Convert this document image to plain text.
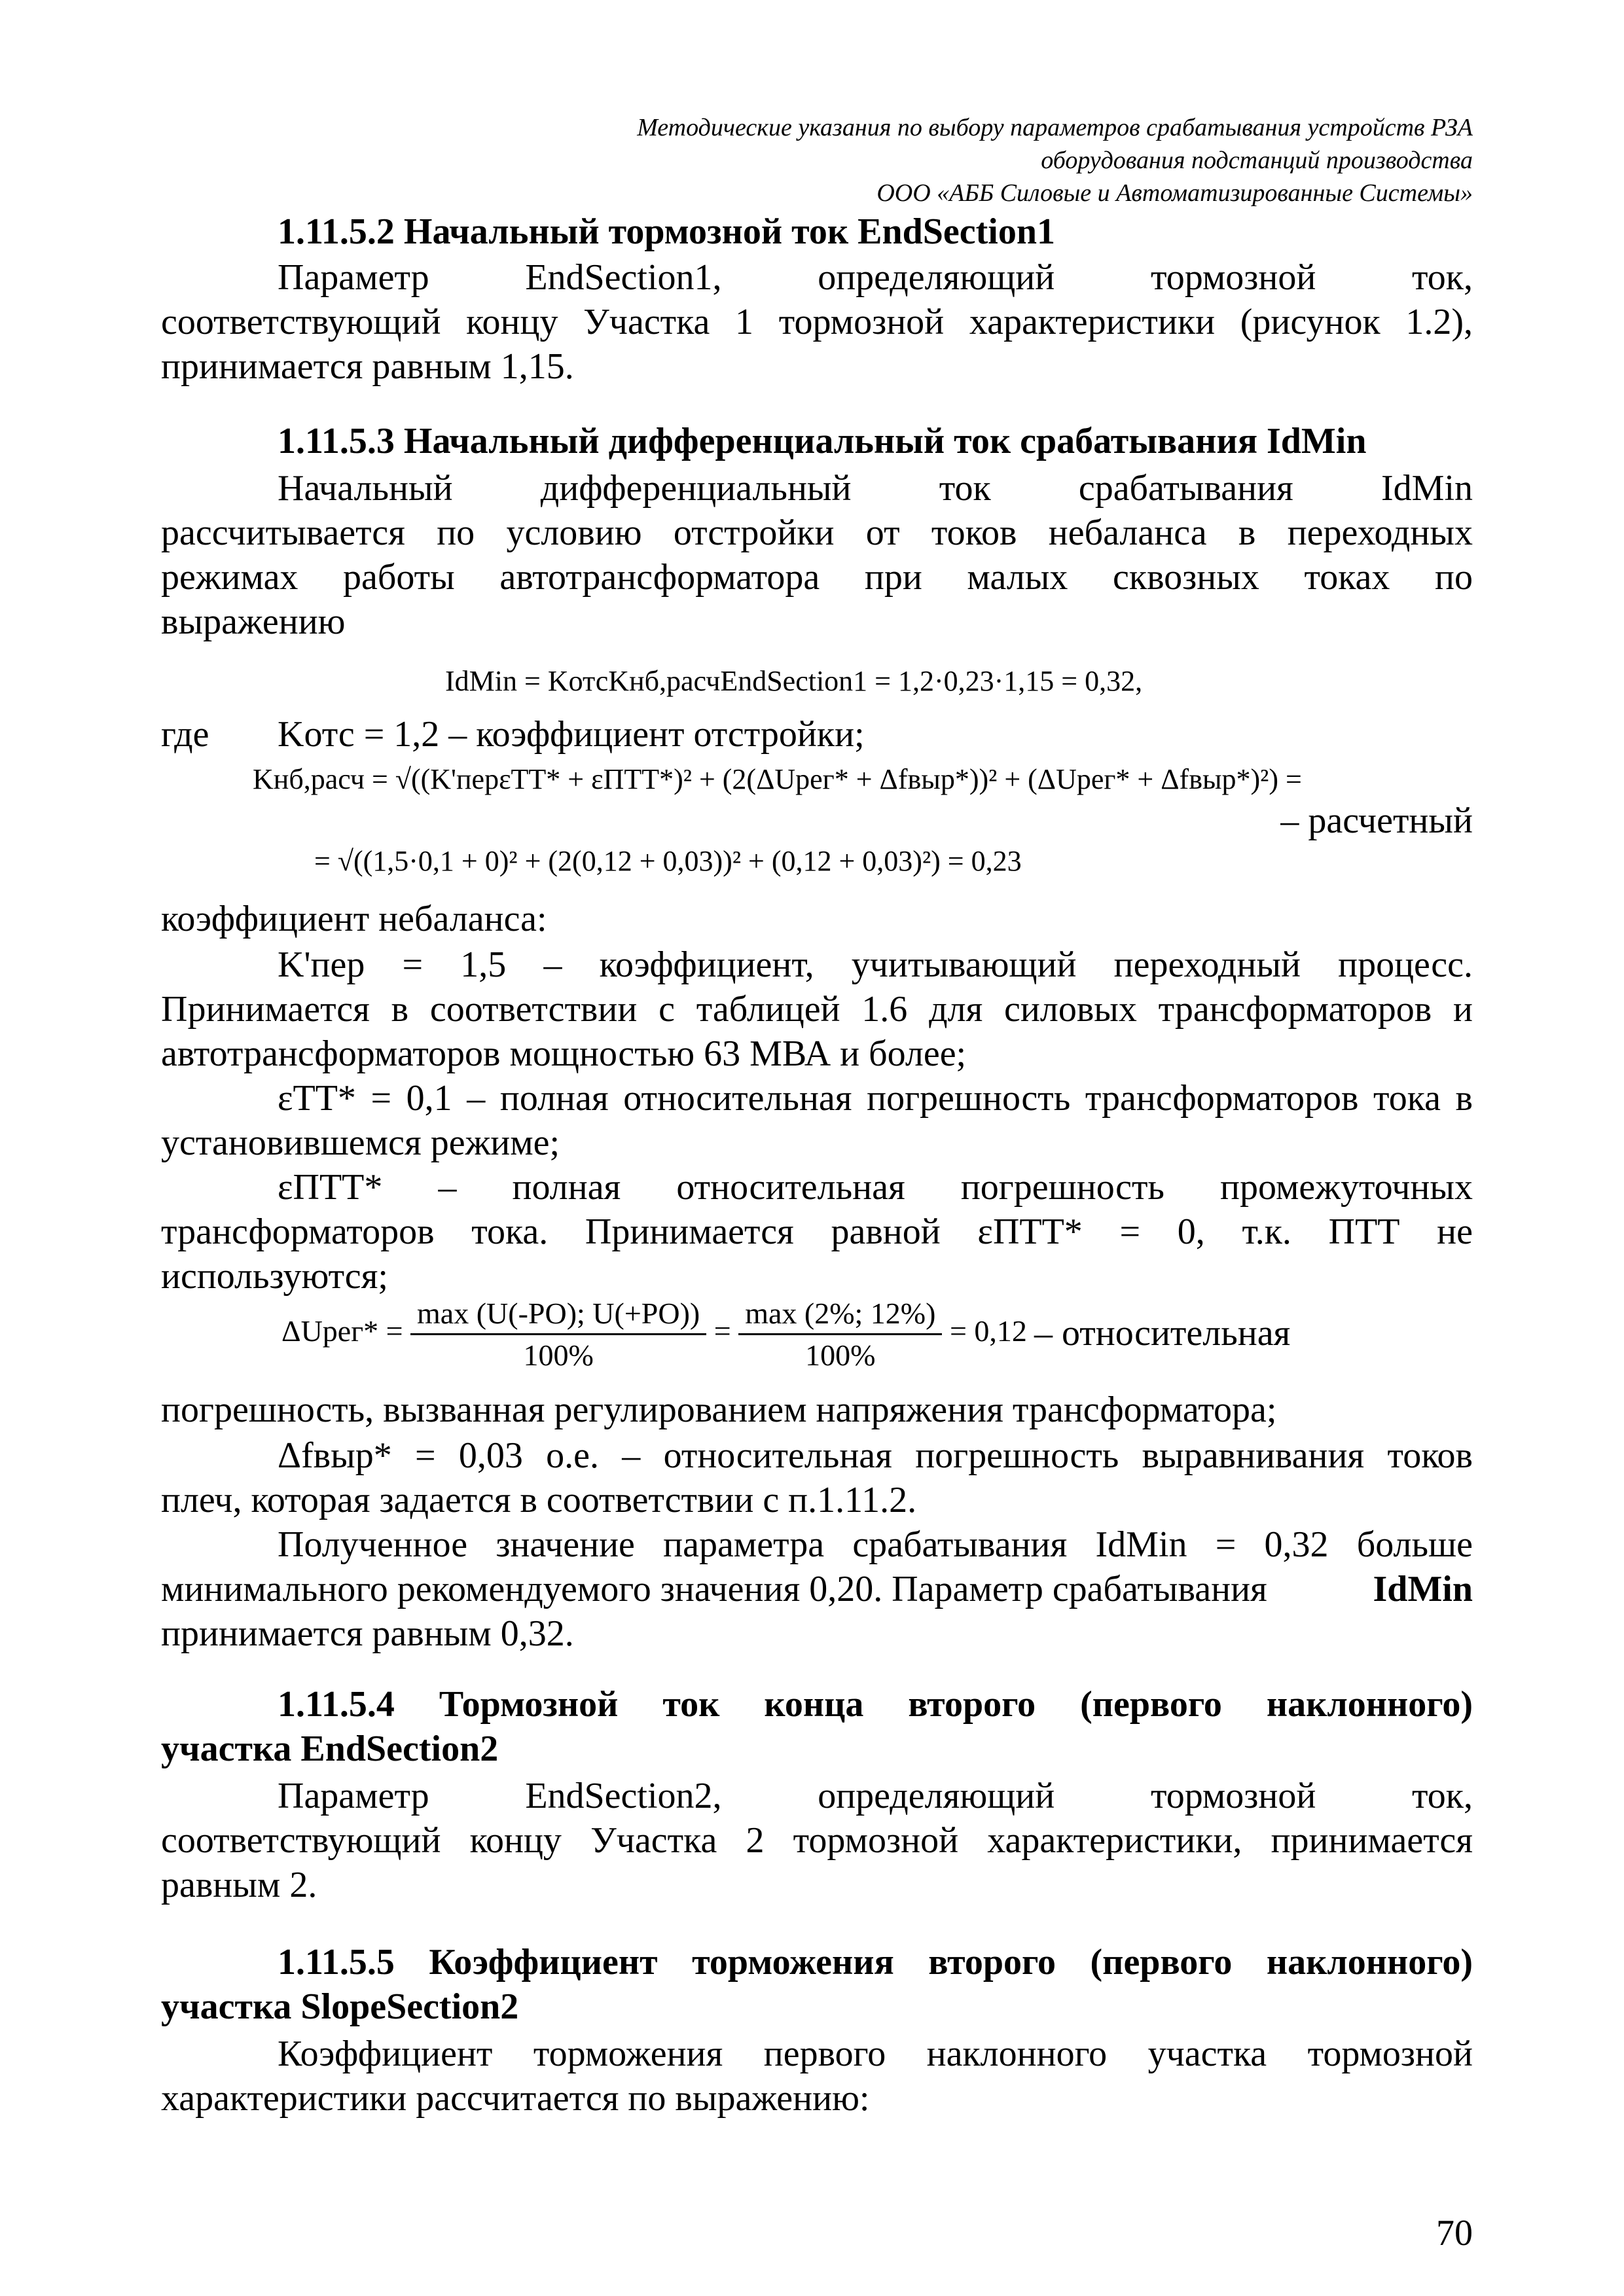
Методические указания по выбору параметров срабатывания устройств РЗА
оборудования подстанций производства
ООО «АББ Силовые и Автоматизированные Системы»
1.11.5.2 Начальный тормозной ток EndSection1
Параметр EndSection1, определяющий тормозной ток,
соответствующий концу Участка 1 тормозной характеристики (рисунок 1.2),
принимается равным 1,15.
1.11.5.3 Начальный дифференциальный ток срабатывания IdMin
Начальный дифференциальный ток срабатывания IdMin
рассчитывается по условию отстройки от токов небаланса в переходных
режимах работы автотрансформатора при малых сквозных токах по
выражению
IdMin = KотсKнб,расчEndSection1 = 1,2·0,23·1,15 = 0,32,
где	Kотс = 1,2 – коэффициент отстройки;
Kнб,расч = √((K'перεТТ* + εПТТ*)² + (2(ΔUрег* + Δfвыр*))² + (ΔUрег* + Δfвыр*)²) =
– расчетный
= √((1,5·0,1 + 0)² + (2(0,12 + 0,03))² + (0,12 + 0,03)²) = 0,23
коэффициент небаланса:
K'пер = 1,5 – коэффициент, учитывающий переходный процесс.
Принимается в соответствии с таблицей 1.6 для силовых трансформаторов и
автотрансформаторов мощностью 63 МВА и более;
εТТ* = 0,1 – полная относительная погрешность трансформаторов тока в
установившемся режиме;
εПТТ* – полная относительная погрешность промежуточных
трансформаторов тока. Принимается равной εПТТ* = 0, т.к. ПТТ не
используются;
ΔUрег* = $\frac{\max (U(-PO); U(+PO))}{100\%} = \frac{\max (2\%; 12\%)}{100\%} = 0,12$ – относительная
погрешность, вызванная регулированием напряжения трансформатора;
Δfвыр* = 0,03 о.е. – относительная погрешность выравнивания токов
плеч, которая задается в соответствии с п.1.11.2.
Полученное значение параметра срабатывания IdMin = 0,32 больше
минимального рекомендуемого значения 0,20. Параметр срабатывания	IdMin
принимается равным 0,32.
1.11.5.4 Тормозной ток конца второго (первого наклонного)
участка EndSection2
Параметр EndSection2, определяющий тормозной ток,
соответствующий концу Участка 2 тормозной характеристики, принимается
равным 2.
1.11.5.5 Коэффициент торможения второго (первого наклонного)
участка SlopeSection2
Коэффициент торможения первого наклонного участка тормозной
характеристики рассчитается по выражению:
70
